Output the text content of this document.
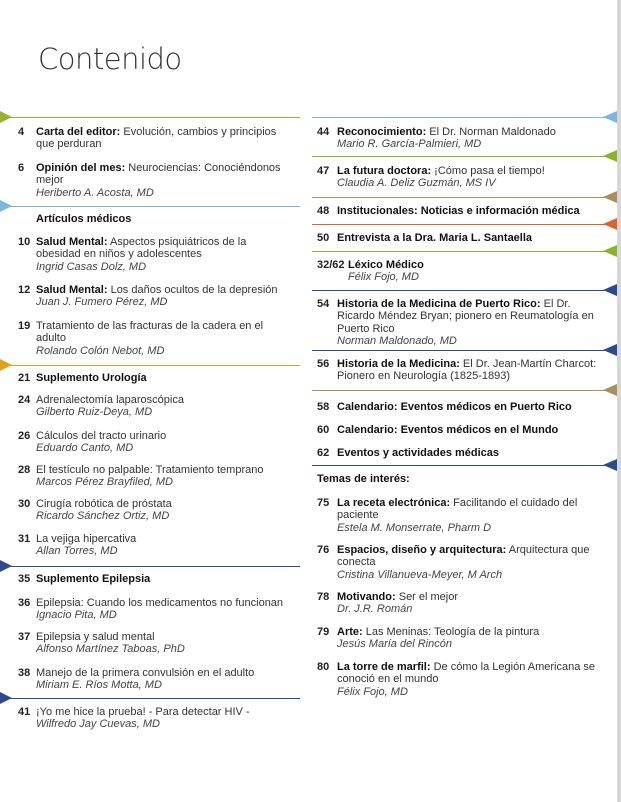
Contenido
4	Carta del editor: Evolución, cambios y principios que perduran
6	Opinión del mes: Neurociencias: Conociéndonos mejor
Heriberto A. Acosta, MD
Artículos médicos
10 Salud Mental: Aspectos psiquiátricos de la obesidad en niños y adolescentes
Ingrid Casas Dolz, MD
12 Salud Mental: Los daños ocultos de la depresión
Juan J. Fumero Pérez, MD
19 Tratamiento de las fracturas de la cadera en el adulto
Rolando Colón Nebot, MD
21 Suplemento Urología
24 Adrenalectomía laparoscópica
Gilberto Ruiz-Deya, MD
26 Cálculos del tracto urinario
Eduardo Canto, MD
28 El testículo no palpable: Tratamiento temprano
Marcos Pérez Brayfiled, MD
30 Cirugía robótica de próstata
Ricardo Sánchez Ortiz, MD
31 La vejiga hipercativa
Allan Torres, MD
35 Suplemento Epilepsia
36 Epilepsia: Cuando los medicamentos no funcionan
Ignacio Pita, MD
37 Epilepsia y salud mental
Alfonso Martínez Taboas, PhD
38 Manejo de la primera convulsión en el adulto
Miriam E. Ríos Motta, MD
41 ¡Yo me hice la prueba! - Para detectar HIV -
Wilfredo Jay Cuevas, MD
44 Reconocimiento: El Dr. Norman Maldonado
Mario R. García-Palmieri, MD
47 La futura doctora: ¡Cómo pasa el tiempo!
Claudia A. Deliz Guzmán, MS IV
48 Institucionales: Noticias e información médica
50 Entrevista a la Dra. Maria L. Santaella
32/62 Léxico Médico
Félix Fojo, MD
54 Historia de la Medicina de Puerto Rico: El Dr. Ricardo Méndez Bryan; pionero en Reumatología en Puerto Rico
Norman Maldonado, MD
56 Historia de la Medicina: El Dr. Jean-Martín Charcot: Pionero en Neurología (1825-1893)
58 Calendario: Eventos médicos en Puerto Rico
60 Calendario: Eventos médicos en el Mundo
62 Eventos y actividades médicas
Temas de interés:
75 La receta electrónica: Facilitando el cuidado del paciente
Estela M. Monserrate, Pharm D
76 Espacios, diseño y arquitectura: Arquitectura que conecta
Cristina Villanueva-Meyer, M Arch
78 Motivando: Ser el mejor
Dr. J.R. Román
79 Arte: Las Meninas: Teología de la pintura
Jesús María del Rincón
80 La torre de marfil: De cómo la Legión Americana se conoció en el mundo
Félix Fojo, MD
